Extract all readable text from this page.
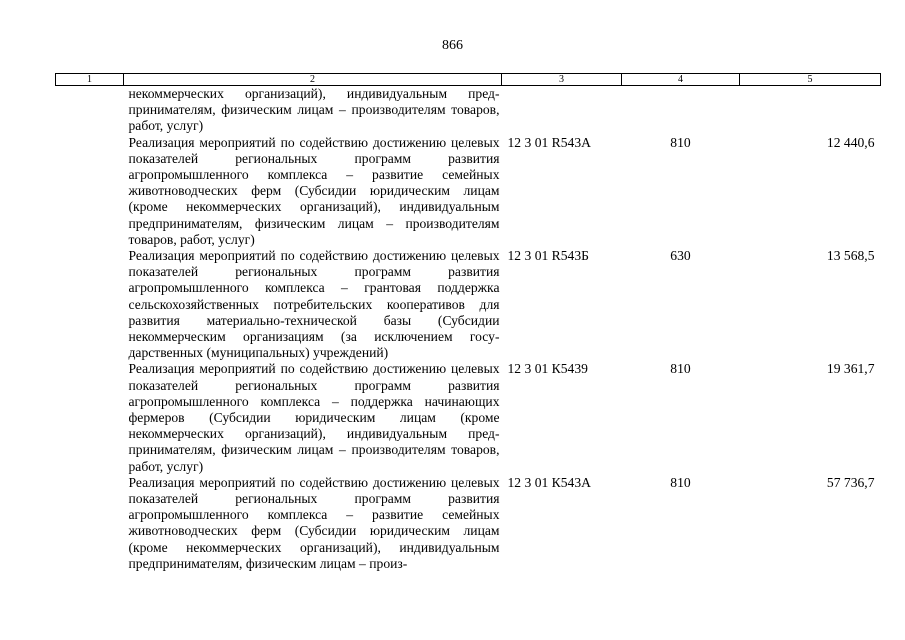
866
1	2	3	4	5
	некоммерческих организаций), индивидуальным предпринимателям, физическим лицам – производителям товаров, работ, услуг)			
	Реализация мероприятий по содействию достижению целевых показателей региональных программ развития агропромышленного комплекса – развитие семейных животноводческих ферм (Субсидии юридическим лицам (кроме некоммерческих организаций), индивидуальным предпринимателям, физическим лицам – производителям товаров, работ, услуг)	12 3 01 R543А	810	12 440,6
	Реализация мероприятий по содействию достижению целевых показателей региональных программ развития агропромышленного комплекса – грантовая поддержка сельскохозяйственных потребительских кооперативов для развития материально-технической базы (Субсидии некоммерческим организациям (за исключением государственных (муниципальных) учреждений)	12 3 01 R543Б	630	13 568,5
	Реализация мероприятий по содействию достижению целевых показателей региональных программ развития агропромышленного комплекса – поддержка начинающих фермеров (Субсидии юридическим лицам (кроме некоммерческих организаций), индивидуальным предпринимателям, физическим лицам – производителям товаров, работ, услуг)	12 3 01 К5439	810	19 361,7
	Реализация мероприятий по содействию достижению целевых показателей региональных программ развития агропромышленного комплекса – развитие семейных животноводческих ферм (Субсидии юридическим лицам (кроме некоммерческих организаций), индивидуальным предпринимателям, физическим лицам – произ-	12 3 01 К543А	810	57 736,7
